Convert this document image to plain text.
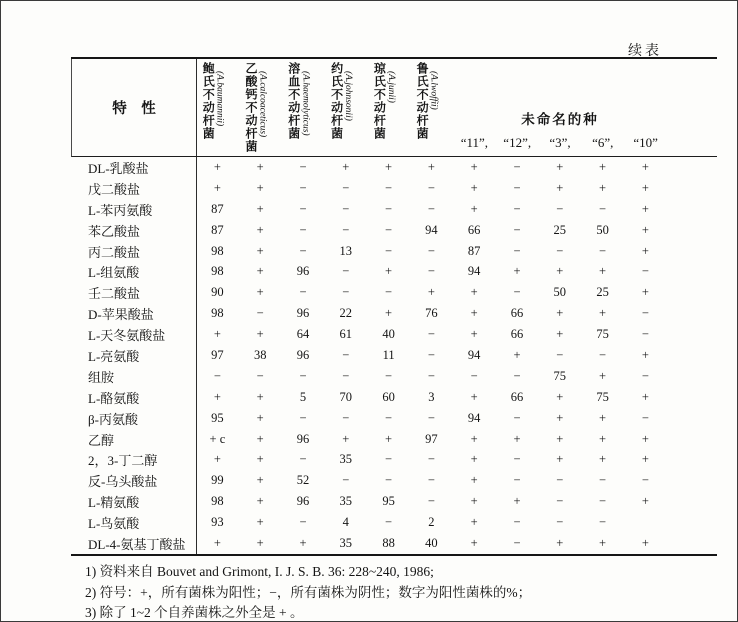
续表
特　性	鲍氏不动杆菌 (A.baumannii) 乙酸钙不动杆菌 (A.calcoaceticus) 溶血不动杆菌 (A.haemolyticus) 约氏不动杆菌 (A.johnsonii) 琼氏不动杆菌 (A.junii) 鲁氏不动杆菌 (A.lwoffii)
未命名的种
“11”,	“12”,	“3”,	“6”,	“10”
DL-乳酸盐	+	+	−	+	+	+	+	−	+	+	+
戊二酸盐	+	+	−	−	−	−	+	−	+	+	+
L-苯丙氨酸	87	+	−	−	−	−	+	−	−	−	+
苯乙酸盐	87	+	−	−	−	94	66	−	25	50	+
丙二酸盐	98	+	−	13	−	−	87	−	−	−	+
L-组氨酸	98	+	96	−	+	−	94	+	+	+	−
壬二酸盐	90	+	−	−	−	+	+	−	50	25	+
D-苹果酸盐	98	−	96	22	+	76	+	66	+	+	−
L-天冬氨酸盐	+	+	64	61	40	−	+	66	+	75	−
L-亮氨酸	97	38	96	−	11	−	94	+	−	−	+
组胺	−	−	−	−	−	−	−	−	75	+	−
L-酪氨酸	+	+	5	70	60	3	+	66	+	75	+
β-丙氨酸	95	+	−	−	−	−	94	−	+	+	−
乙醇	+ c	+	96	+	+	97	+	+	+	+	+
2，3-丁二醇	+	+	−	35	−	−	+	−	+	+	+
反-乌头酸盐	99	+	52	−	−	−	+	−	−	−	−
L-精氨酸	98	+	96	35	95	−	+	+	−	−	+
L-鸟氨酸	93	+	−	4	−	2	+	−	−	−
DL-4-氨基丁酸盐	+	+	+	35	88	40	+	−	+	+	+
1) 资料来自 Bouvet and Grimont, I. J. S. B. 36: 228~240, 1986;
2) 符号：+，所有菌株为阳性；−，所有菌株为阴性；数字为阳性菌株的%；
3) 除了 1~2 个自养菌株之外全是 + 。
